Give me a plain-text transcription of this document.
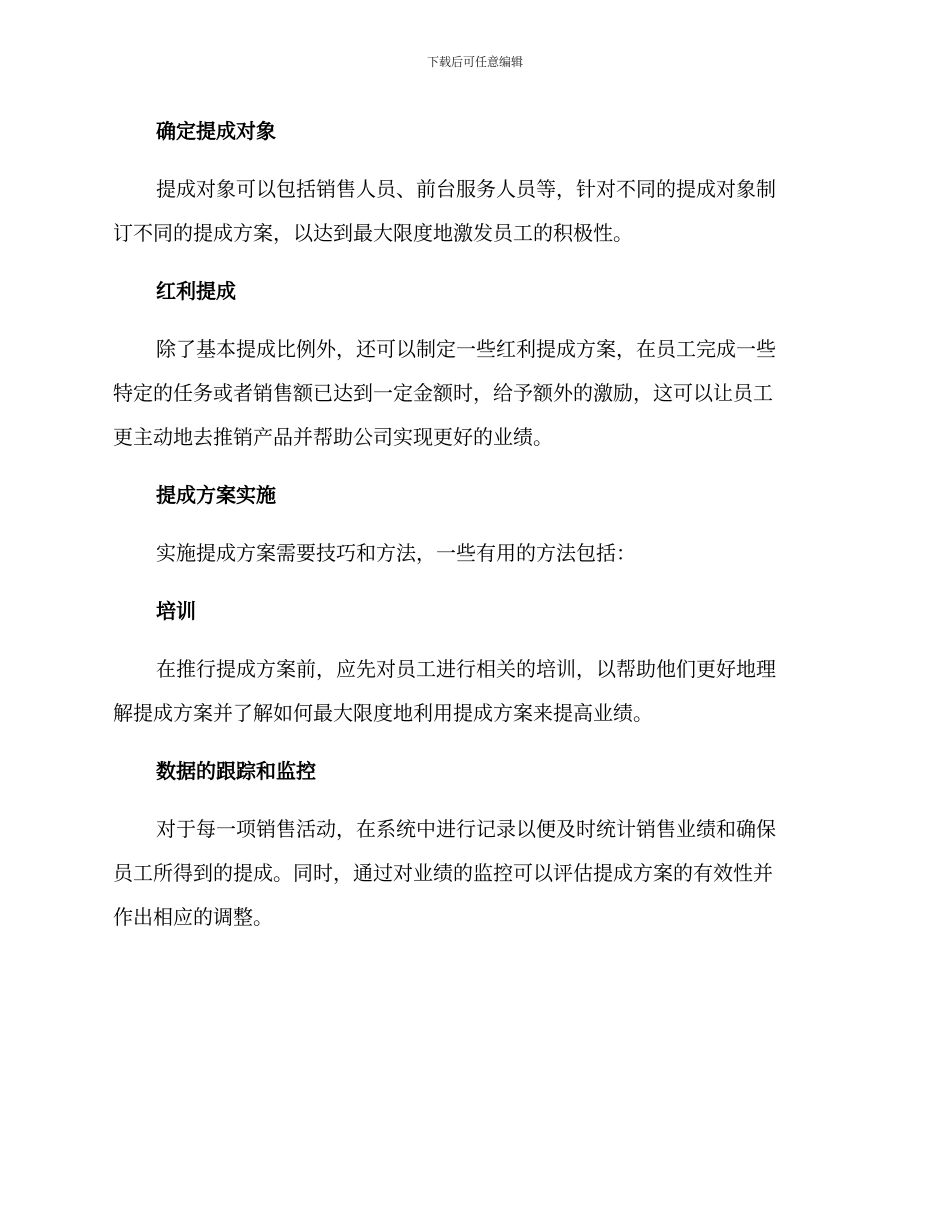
下载后可任意编辑
确定提成对象

提成对象可以包括销售人员、前台服务人员等，针对不同的提成对象制
订不同的提成方案，以达到最大限度地激发员工的积极性。

红利提成

除了基本提成比例外，还可以制定一些红利提成方案，在员工完成一些
特定的任务或者销售额已达到一定金额时，给予额外的激励，这可以让员工
更主动地去推销产品并帮助公司实现更好的业绩。

提成方案实施

实施提成方案需要技巧和方法，一些有用的方法包括：

培训

在推行提成方案前，应先对员工进行相关的培训，以帮助他们更好地理
解提成方案并了解如何最大限度地利用提成方案来提高业绩。

数据的跟踪和监控

对于每一项销售活动，在系统中进行记录以便及时统计销售业绩和确保
员工所得到的提成。同时，通过对业绩的监控可以评估提成方案的有效性并
作出相应的调整。
